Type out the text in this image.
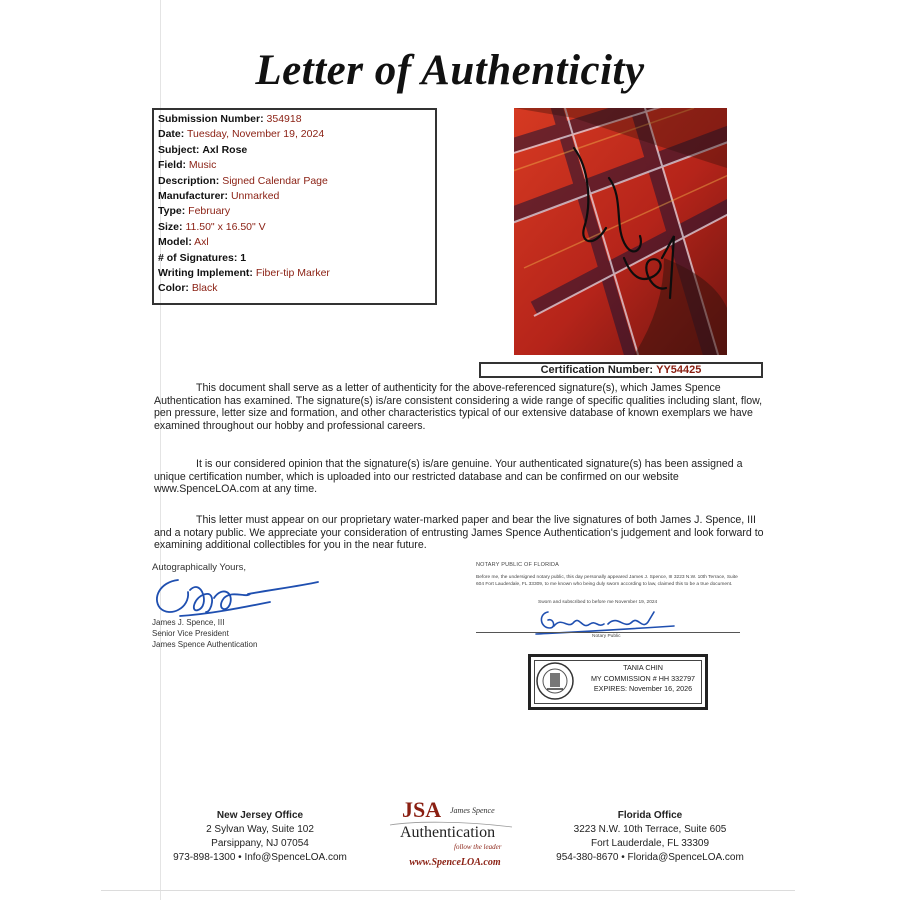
Letter of Authenticity
Submission Number: 354918
Date: Tuesday, November 19, 2024
Subject: Axl Rose
Field: Music
Description: Signed Calendar Page
Manufacturer: Unmarked
Type: February
Size: 11.50" x 16.50" V
Model: Axl
# of Signatures: 1
Writing Implement: Fiber-tip Marker
Color: Black
Certification Number: YY54425
This document shall serve as a letter of authenticity for the above-referenced signature(s), which James Spence Authentication has examined. The signature(s) is/are consistent considering a wide range of specific qualities including slant, flow, pen pressure, letter size and formation, and other characteristics typical of our extensive database of known exemplars we have examined throughout our hobby and professional careers.
It is our considered opinion that the signature(s) is/are genuine. Your authenticated signature(s) has been assigned a unique certification number, which is uploaded into our restricted database and can be confirmed on our website www.SpenceLOA.com at any time.
This letter must appear on our proprietary water-marked paper and bear the live signatures of both James J. Spence, III and a notary public. We appreciate your consideration of entrusting James Spence Authentication's judgement and look forward to examining additional collectibles for you in the near future.
Autographically Yours,
James J. Spence, III
Senior Vice President
James Spence Authentication
NOTARY PUBLIC OF FLORIDA
Before me, the undersigned notary public, this day personally appeared James J. Spence, III 3223 N.W. 10th Terrace, Suite 604 Fort Lauderdale, FL 33309, to me known who being duly sworn according to law, claimed this to be a true document.
Sworn and subscribed to before me November 19, 2024
Notary Public
TANIA CHIN
MY COMMISSION # HH 332797
EXPIRES: November 16, 2026
New Jersey Office
2 Sylvan Way, Suite 102
Parsippany, NJ 07054
973-898-1300 • Info@SpenceLOA.com
JSA James Spence
Authentication
follow the leader
www.SpenceLOA.com
Florida Office
3223 N.W. 10th Terrace, Suite 605
Fort Lauderdale, FL 33309
954-380-8670 • Florida@SpenceLOA.com
